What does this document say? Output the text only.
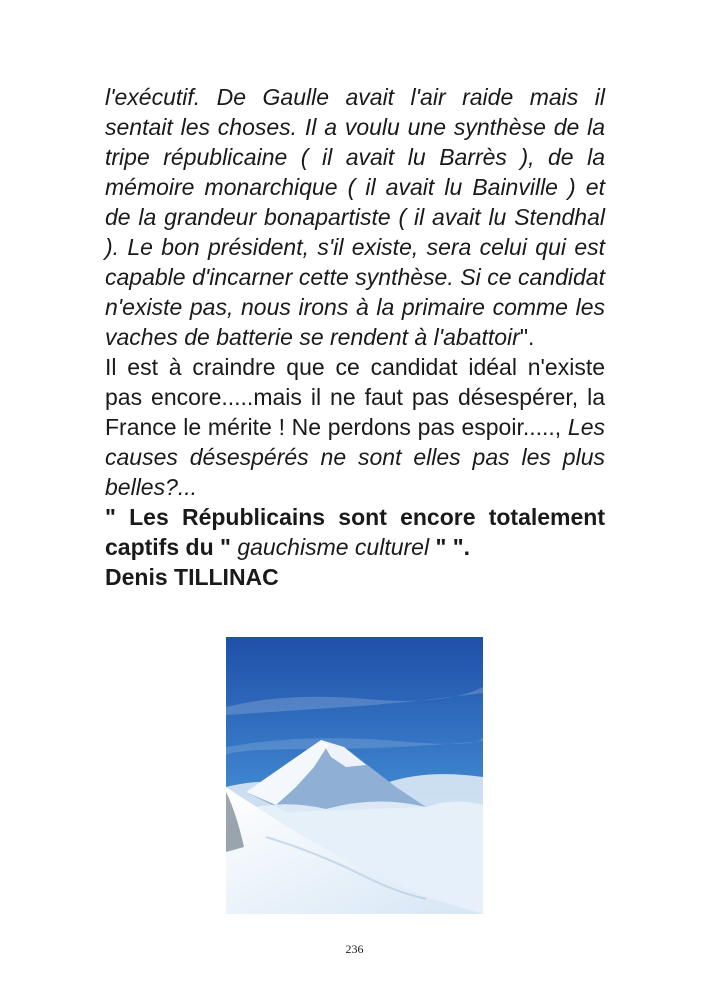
l'exécutif. De Gaulle avait l'air raide mais il sentait les choses. Il a voulu une synthèse de la tripe républicaine ( il avait lu Barrès ), de la mémoire monarchique ( il avait lu Bainville ) et de la grandeur bonapartiste ( il avait lu Stendhal ). Le bon président, s'il existe, sera celui qui est capable d'incarner cette synthèse. Si ce candidat n'existe pas, nous irons à la primaire comme les vaches de batterie se rendent à l'abattoir".

Il est à craindre que ce candidat idéal n'existe pas encore.....mais il ne faut pas désespérer, la France le mérite ! Ne perdons pas espoir....., Les causes désespérés ne sont elles pas les plus belles?...

" Les Républicains sont encore totalement captifs du " gauchisme culturel " ".

Denis TILLINAC

236
